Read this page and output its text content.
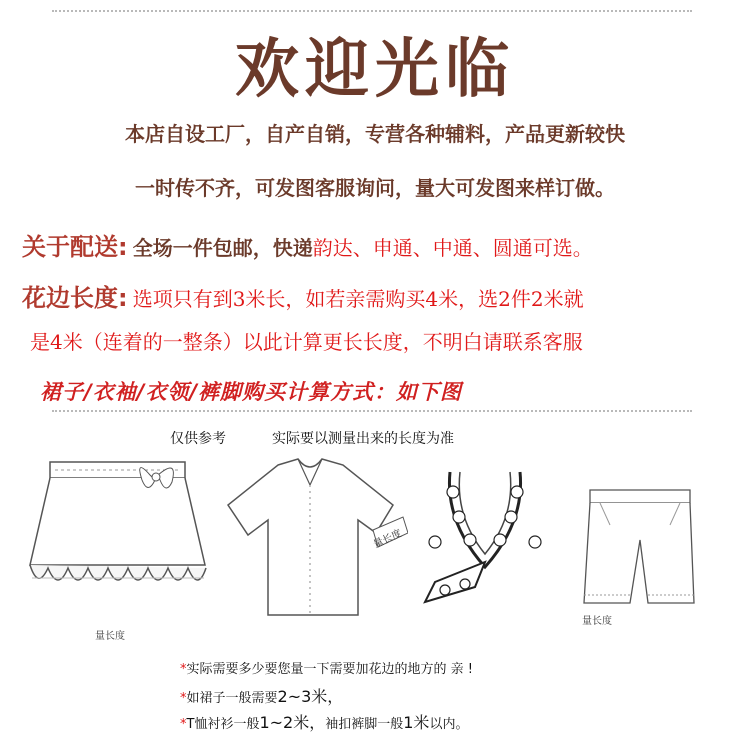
欢迎光临
本店自设工厂，自产自销，专营各种辅料，产品更新较快
一时传不齐，可发图客服询问，量大可发图来样订做。
关于配送: 全场一件包邮，快递韵达、申通、中通、圆通可选。
花边长度: 选项只有到3米长，如若亲需购买4米，选2件2米就
是4米（连着的一整条）以此计算更长长度，不明白请联系客服
裙子/衣袖/衣领/裤脚购买计算方式：如下图
仅供参考	实际要以测量出来的长度为准
量长度
量长度
量长度
*实际需要多少要您量一下需要加花边的地方的 亲 !
*如裙子一般需要2~3米，
*T恤衬衫一般1~2米，袖扣裤脚一般1米以内。
